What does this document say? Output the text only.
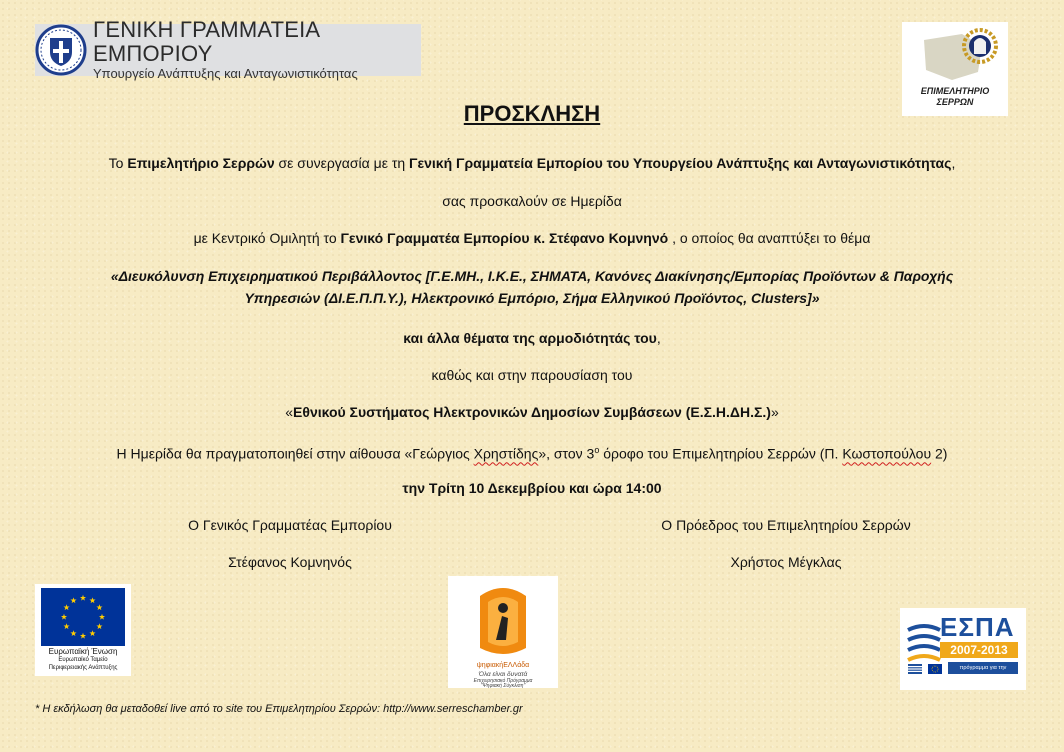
ΓΕΝΙΚΗ ΓΡΑΜΜΑΤΕΙΑ ΕΜΠΟΡΙΟΥ
Υπουργείο Ανάπτυξης και Ανταγωνιστικότητας
ΕΠΙΜΕΛΗΤΗΡΙΟ
ΣΕΡΡΩΝ
ΠΡΟΣΚΛΗΣΗ
Το Επιμελητήριο Σερρών σε συνεργασία με τη Γενική Γραμματεία Εμπορίου του Υπουργείου Ανάπτυξης και Ανταγωνιστικότητας,
σας προσκαλούν σε Ημερίδα
με Κεντρικό Ομιλητή το Γενικό Γραμματέα Εμπορίου κ. Στέφανο Κομνηνό , ο οποίος θα αναπτύξει το θέμα
«Διευκόλυνση Επιχειρηματικού Περιβάλλοντος [Γ.Ε.ΜΗ., Ι.Κ.Ε., ΣΗΜΑΤΑ, Κανόνες Διακίνησης/Εμπορίας Προϊόντων & Παροχής
Υπηρεσιών (ΔΙ.Ε.Π.Π.Υ.), Ηλεκτρονικό Εμπόριο, Σήμα Ελληνικού Προϊόντος, Clusters]»
και άλλα θέματα της αρμοδιότητάς του,
καθώς και στην παρουσίαση του
«Εθνικού Συστήματος Ηλεκτρονικών Δημοσίων Συμβάσεων (Ε.Σ.Η.ΔΗ.Σ.)»
Η Ημερίδα θα πραγματοποιηθεί στην αίθουσα «Γεώργιος Χρηστίδης», στον $3^o$ όροφο του Επιμελητηρίου Σερρών (Π. Κωστοπούλου 2)
την Τρίτη 10 Δεκεμβρίου και ώρα 14:00
Ο Γενικός Γραμματέας Εμπορίου
Στέφανος Κομνηνός
Ο Πρόεδρος του Επιμελητηρίου Σερρών
Χρήστος Μέγκλας
Ευρωπαϊκή Ένωση
Ευρωπαϊκό Ταμείο
Περιφερειακής Ανάπτυξης	ψηφιακήΕΛΛάδα
Όλα είναι δυνατά
Επιχειρησιακό Πρόγραμμα
"Ψηφιακή Σύγκλιση"
ΕΣΠΑ
2007-2013
πρόγραμμα για την ανάπτυξη
* Η εκδήλωση θα μεταδοθεί live από το site του Επιμελητηρίου Σερρών: http://www.serreschamber.gr
